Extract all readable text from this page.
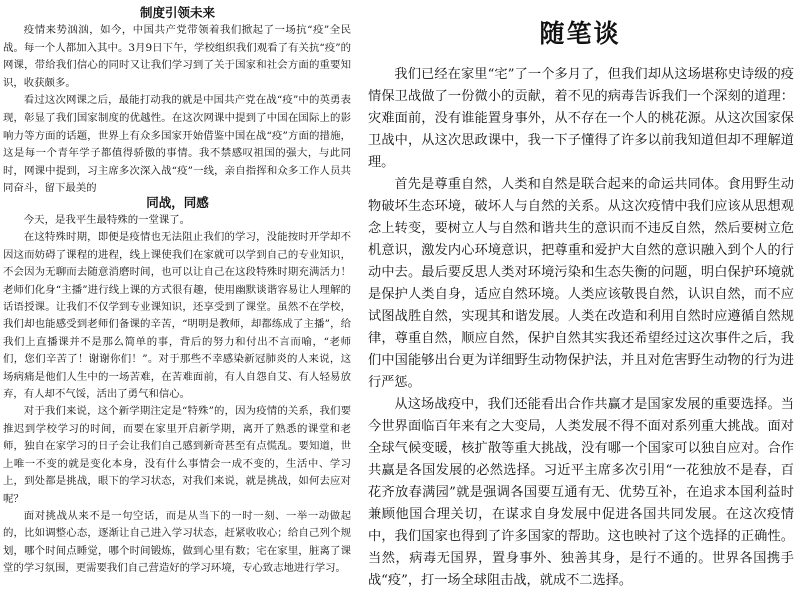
制度引领未来

疫情来势汹汹，如今，中国共产党带领着我们掀起了一场抗“疫”全民战。每一个人都加入其中。3月9日下午，学校组织我们观看了有关抗“疫”的网课，带给我们信心的同时又让我们学习到了关于国家和社会方面的重要知识，收获颇多。

看过这次网课之后，最能打动我的就是中国共产党在战“疫”中的英勇表现，彰显了我们国家制度的优越性。在这次网课中提到了中国在国际上的影响力等方面的话题，世界上有众多国家开始借鉴中国在战“疫”方面的措施，这是每一个青年学子都值得骄傲的事情。我不禁感叹祖国的强大，与此同时，网课中提到，习主席多次深入战“疫”一线，亲自指挥和众多工作人员共同奋斗，留下最美的

同战，同感

今天，是我平生最特殊的一堂课了。

在这特殊时期，即便是疫情也无法阻止我们的学习，没能按时开学却不因这而妨碍了课程的进程，线上课使我们在家就可以学到自己的专业知识，不会因为无聊而去随意消磨时间，也可以让自己在这段特殊时期充满活力！老师们化身“主播”进行线上课的方式很有趣，使用幽默谈谐容易让人理解的话语授课。让我们不仅学到专业课知识，还享受到了课堂。虽然不在学校，我们却也能感受到老师们备课的辛苦，“明明是教师，却都练成了主播”，给我们上直播课并不是那么简单的事，背后的努力和付出不言而喻，“老师们，您们辛苦了！谢谢你们！”。对于那些不幸感染新冠肺炎的人来说，这场病痛是他们人生中的一场苦难，在苦难面前，有人自怨自艾、有人轻易放弃，有人却不气馁，活出了勇气和信心。

对于我们来说，这个新学期注定是“特殊”的，因为疫情的关系，我们要推迟到学校学习的时间，而要在家里开启新学期，离开了熟悉的课堂和老师，独自在家学习的日子会让我们自己感到新奇甚至有点慌乱。要知道，世上唯一不变的就是变化本身，没有什么事情会一成不变的，生活中、学习上，到处都是挑战，眼下的学习状态，对我们来说，就是挑战，如何去应对呢？

面对挑战从来不是一句空话，而是从当下的一时一刻、一举一动做起的，比如调整心态，逐渐让自己进入学习状态，赶紧收收心；给自己列个规划，哪个时间点睡觉，哪个时间锻炼，做到心里有数；宅在家里，脏离了课堂的学习氛围，更需要我们自己营造好的学习环境，专心致志地进行学习。

随笔谈

我们已经在家里“宅”了一个多月了，但我们却从这场堪称史诗级的疫情保卫战做了一份微小的贡献，着不见的病毒告诉我们一个深刻的道理：灾难面前，没有谁能置身事外，从不存在一个人的桃花源。从这次国家保卫战中，从这次思政课中，我一下子懂得了许多以前我知道但却不理解道理。

首先是尊重自然，人类和自然是联合起来的命运共同体。食用野生动物破坏生态环境，破坏人与自然的关系。从这次疫情中我们应该从思想观念上转变，要树立人与自然和谐共生的意识而不违反自然，然后要树立危机意识，激发内心环境意识，把尊重和爱护大自然的意识融入到个人的行动中去。最后要反思人类对环境污染和生态失衡的问题，明白保护环境就是保护人类自身，适应自然环境。人类应该敬畏自然，认识自然，而不应试图战胜自然，实现其和谐发展。人类在改造和利用自然时应遵循自然规律，尊重自然，顺应自然，保护自然其实我还希望经过这次事件之后，我们中国能够出台更为详细野生动物保护法，并且对危害野生动物的行为进行严惩。

从这场战疫中，我们还能看出合作共赢才是国家发展的重要选择。当今世界面临百年来有之大变局，人类发展不得不面对系列重大挑战。面对全球气候变暖，核扩散等重大挑战，没有哪一个国家可以独自应对。合作共赢是各国发展的必然选择。习近平主席多次引用“一花独放不是春，百花齐放春满园”就是强调各国要互通有无、优势互补，在追求本国利益时兼顾他国合理关切，在谋求自身发展中促进各国共同发展。在这次疫情中，我们国家也得到了许多国家的帮助。这也映衬了这个选择的正确性。当然，病毒无国界，置身事外、独善其身，是行不通的。世界各国携手战“疫”，打一场全球阻击战，就成不二选择。
